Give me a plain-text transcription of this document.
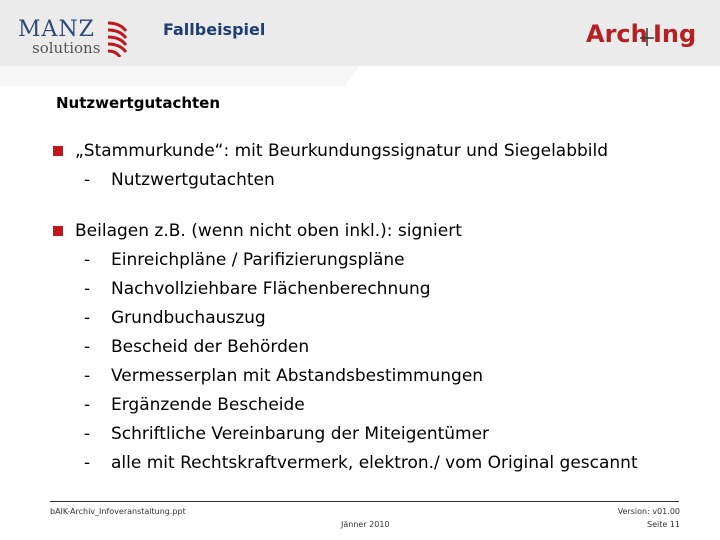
MANZ
solutions
Fallbeispiel	Arch Ing
Nutzwertgutachten
„Stammurkunde“: mit Beurkundungssignatur und Siegelabbild
- Nutzwertgutachten
Beilagen z.B. (wenn nicht oben inkl.): signiert
- Einreichpläne / Parifizierungspläne
- Nachvollziehbare Flächenberechnung
- Grundbuchauszug
- Bescheid der Behörden
- Vermesserplan mit Abstandsbestimmungen
- Ergänzende Bescheide
- Schriftliche Vereinbarung der Miteigentümer
- alle mit Rechtskraftvermerk, elektron./ vom Original gescannt
bAIK-Archiv_Infoveranstaltung.ppt
Jänner 2010
Version: v01.00
Seite 11
